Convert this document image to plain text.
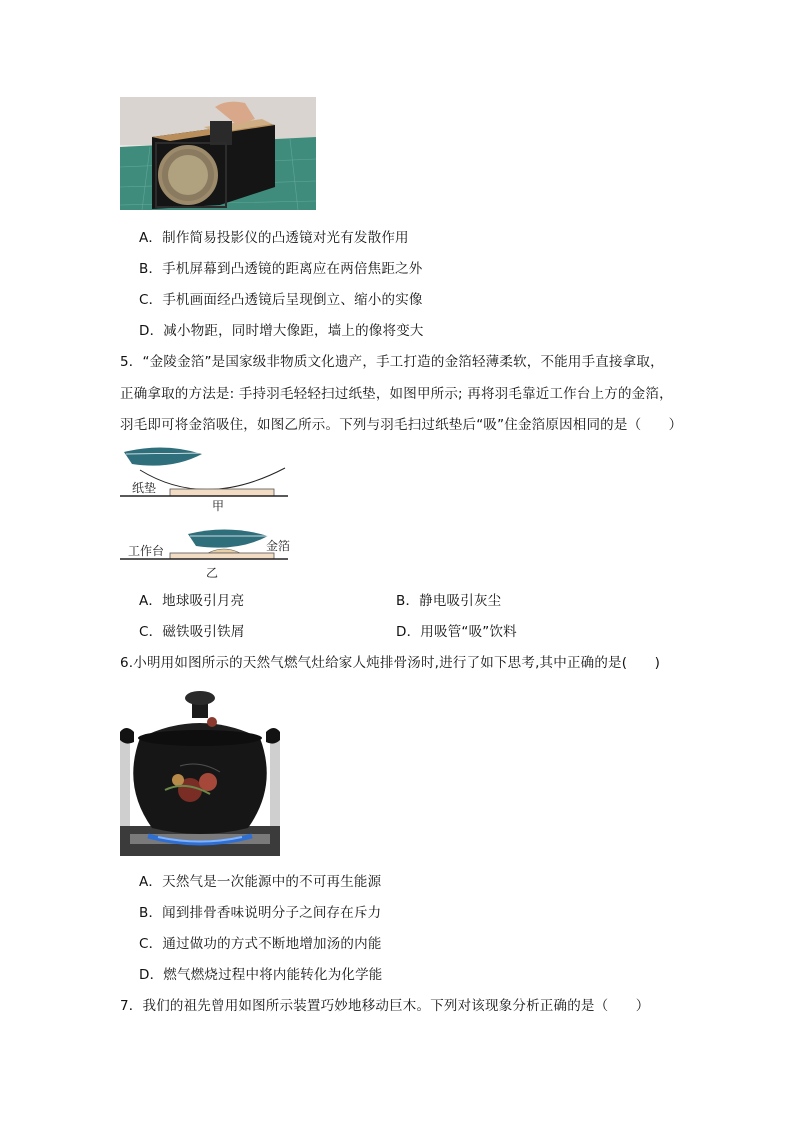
A．制作简易投影仪的凸透镜对光有发散作用
B．手机屏幕到凸透镜的距离应在两倍焦距之外
C．手机画面经凸透镜后呈现倒立、缩小的实像
D．减小物距，同时增大像距，墙上的像将变大
5．“金陵金箔”是国家级非物质文化遗产，手工打造的金箔轻薄柔软，不能用手直接拿取，
正确拿取的方法是: 手持羽毛轻轻扫过纸垫，如图甲所示; 再将羽毛靠近工作台上方的金箔，
羽毛即可将金箔吸住，如图乙所示。下列与羽毛扫过纸垫后“吸”住金箔原因相同的是（　　）
纸垫
甲
工作台	金箔
乙
A．地球吸引月亮	B．静电吸引灰尘
C．磁铁吸引铁屑	D．用吸管“吸”饮料
6.小明用如图所示的天然气燃气灶给家人炖排骨汤时,进行了如下思考,其中正确的是(　　)
A．天然气是一次能源中的不可再生能源
B．闻到排骨香味说明分子之间存在斥力
C．通过做功的方式不断地增加汤的内能
D．燃气燃烧过程中将内能转化为化学能
7．我们的祖先曾用如图所示装置巧妙地移动巨木。下列对该现象分析正确的是（　　）
